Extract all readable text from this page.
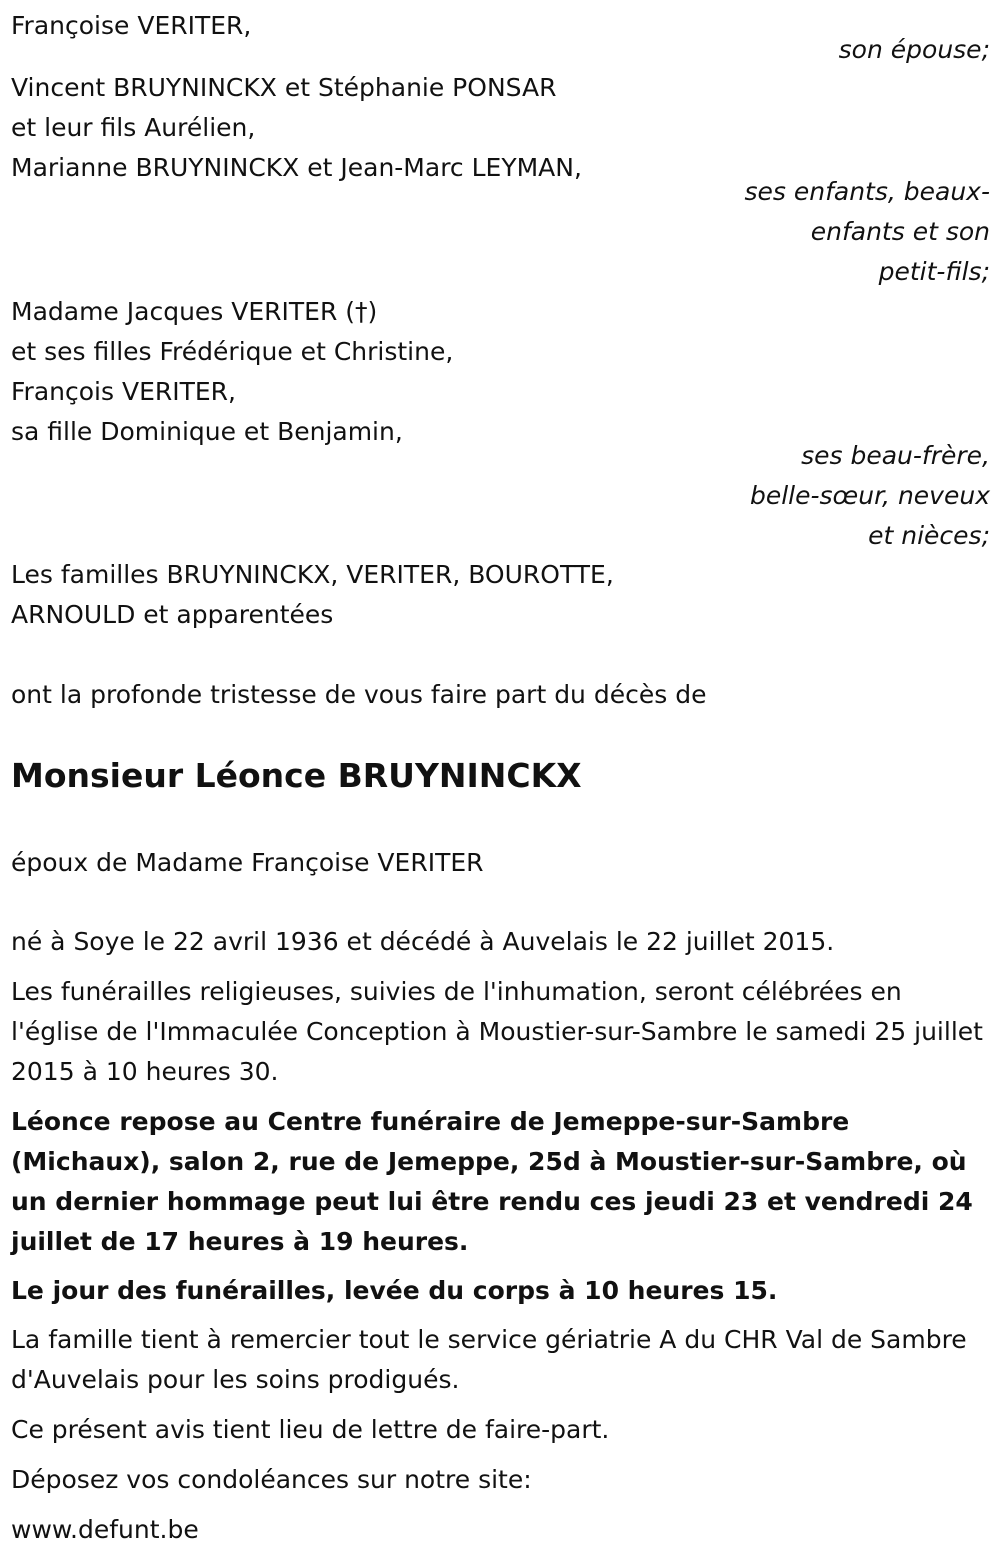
Françoise VERITER,
son épouse;
Vincent BRUYNINCKX et Stéphanie PONSAR
et leur fils Aurélien,
Marianne BRUYNINCKX et Jean-Marc LEYMAN,
ses enfants, beaux-
enfants et son
petit-fils;
Madame Jacques VERITER (†)
et ses filles Frédérique et Christine,
François VERITER,
sa fille Dominique et Benjamin,
ses beau-frère,
belle-sœur, neveux
et nièces;
Les familles BRUYNINCKX, VERITER, BOUROTTE,
ARNOULD et apparentées
ont la profonde tristesse de vous faire part du décès de
Monsieur Léonce BRUYNINCKX
époux de Madame Françoise VERITER
né à Soye le 22 avril 1936 et décédé à Auvelais le 22 juillet 2015.
Les funérailles religieuses, suivies de l'inhumation, seront célébrées en l'église de l'Immaculée Conception à Moustier-sur-Sambre le samedi 25 juillet 2015 à 10 heures 30.
Léonce repose au Centre funéraire de Jemeppe-sur-Sambre (Michaux), salon 2, rue de Jemeppe, 25d à Moustier-sur-Sambre, où un dernier hommage peut lui être rendu ces jeudi 23 et vendredi 24 juillet de 17 heures à 19 heures.
Le jour des funérailles, levée du corps à 10 heures 15.
La famille tient à remercier tout le service gériatrie A du CHR Val de Sambre d'Auvelais pour les soins prodigués.
Ce présent avis tient lieu de lettre de faire-part.
Déposez vos condoléances sur notre site:
www.defunt.be
